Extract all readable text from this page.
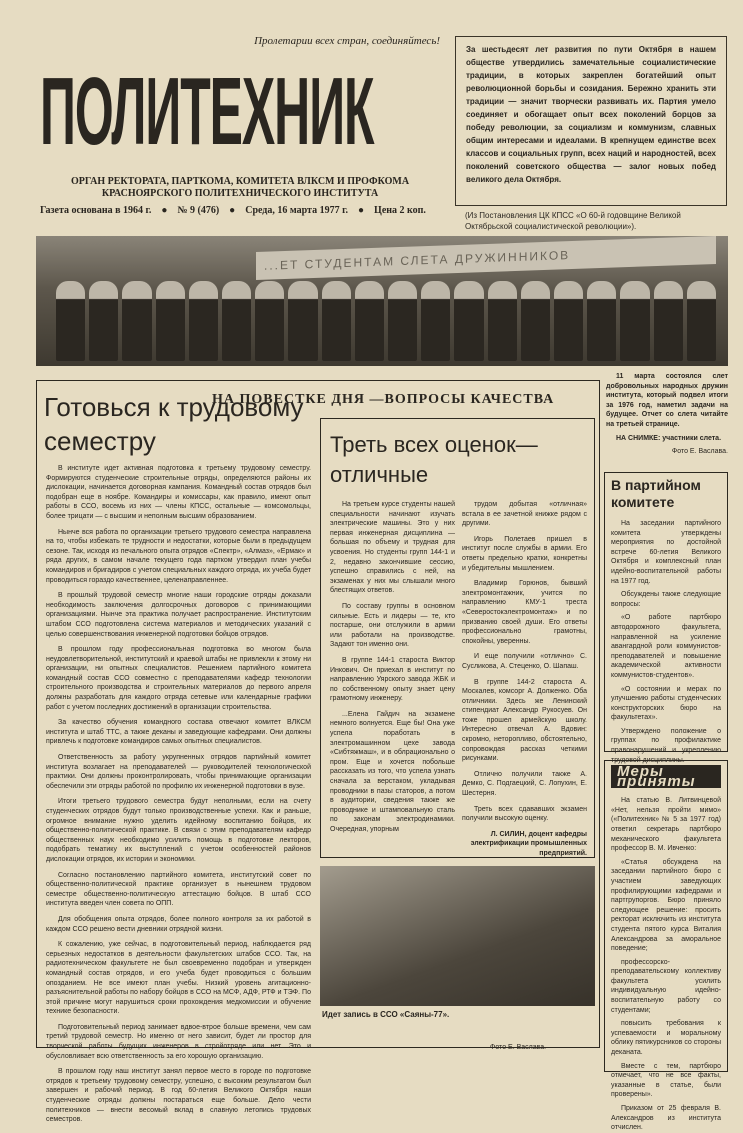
Пролетарии всех стран, соединяйтесь!
ПОЛИТЕХНИК
ОРГАН РЕКТОРАТА, ПАРТКОМА, КОМИТЕТА ВЛКСМ И ПРОФКОМА КРАСНОЯРСКОГО ПОЛИТЕХНИЧЕСКОГО ИНСТИТУТА
Газета основана в 1964 г. ● № 9 (476) ● Среда, 16 марта 1977 г. ● Цена 2 коп.
За шестьдесят лет развития по пути Октября в нашем обществе утвердились замечательные социалистические традиции, в которых закреплен богатейший опыт революционной борьбы и созидания. Бережно хранить эти традиции — значит творчески развивать их. Партия умело соединяет и обогащает опыт всех поколений борцов за победу революции, за социализм и коммунизм, славных общим интересами и идеалами. В крепнущем единстве всех классов и социальных групп, всех наций и народностей, всех поколений советского общества — залог новых побед великого дела Октября.
(Из Постановления ЦК КПСС «О 60-й годовщине Великой Октябрьской социалистической революции»).
...ЕТ СТУДЕНТАМ СЛЕТА ДРУЖИННИКОВ
Готовься к трудовому семестру
НА ПОВЕСТКЕ ДНЯ —ВОПРОСЫ КАЧЕСТВА

В институте идет активная подготовка к третьему трудовому семестру. Формируются студенческие строительные отряды, определяются районы их дислокации, начинается договорная кампания. Командный состав отрядов был подобран еще в ноябре. Командиры и комиссары, как правило, имеют опыт работы в ССО, восемь из них — члены КПСС, остальные — комсомольцы, более трицати — с высшим и неполным высшим образованием.

Нынче вся работа по организации третьего трудового семестра направлена на то, чтобы избежать те трудности и недостатки, которые были в предыдущем сезоне. Так, исходя из печального опыта отрядов «Спектр», «Алмаз», «Ермак» и ряда других, в самом начале текущего года партком утвердил план учебы командиров и бригадиров с учетом специальных каждого отряда, их учеба будет проводиться гораздо качественнее, целенаправленнее.

В прошлый трудовой семестр многие наши городские отряды доказали необходимость заключения долгосрочных договоров с принимающими организациями. Нынче эта практика получает распространение. Институтским штабом ССО подготовлена система материалов и методических указаний с целью совершенствования инженерной подготовки бойцов отрядов.

В прошлом году профессиональная подготовка во многом была неудовлетворительной, институтский и краевой штабы не привлекли к этому ни организации, ни опытных специалистов. Решением партийного комитета командный состав ССО совместно с преподавателями кафедр технологии строительного производства и строительных материалов до первого апреля должны разработать для каждого отряда сетевые или календарные графики работ с учетом последних достижений в организации строительства.

За качество обучения командного состава отвечают комитет ВЛКСМ института и штаб ТТС, а также деканы и заведующие кафедрами. Они должны привлечь к подготовке командиров самых опытных специалистов.

Ответственность за работу укрупненных отрядов партийный комитет института возлагает на преподавателей — руководителей технологической практики. Они должны проконтролировать, чтобы принимающие организации обеспечили эти отряды работой по профилю их инженерной подготовки в вузе.

Итоги третьего трудового семестра будут неполными, если на счету студенческих отрядов будут только производственные успехи. Как и раньше, огромное внимание нужно уделить идейному воспитанию бойцов, их общественно-политической практике. В связи с этим преподавателям кафедр общественных наук необходимо усилить помощь в подготовке лекторов, подобрать тематику их выступлений с учетом особенностей районов дислокации отрядов, их истории и экономики.

Согласно постановлению партийного комитета, институтский совет по общественно-политической практике организует в нынешнем трудовом семестре общественно-политическую аттестацию бойцов. В штаб ССО института введен член совета по ОПП.

Для обобщения опыта отрядов, более полного контроля за их работой в каждом ССО решено вести дневники отрядной жизни.

К сожалению, уже сейчас, в подготовительный период, наблюдается ряд серьезных недостатков в деятельности факультетских штабов ССО. Так, на радиотехническом факультете не был своевременно подобран и утвержден командный состав отрядов, и его учеба будет проводиться с большим опозданием. Не все имеют план учебы. Низкий уровень агитационно-разъяснительной работы по набору бойцов в ССО на МСФ, АДФ, РТФ и ТЭФ. По этой причине могут нарушиться сроки прохождения медкомиссии и обучение технике безопасности.

Подготовительный период занимает вдвое-втрое больше времени, чем сам третий трудовой семестр. Но именно от него зависит, будет ли простор для творческой работы будущих инженеров в стройотряде или нет. Это и обусловливает всю ответственность за его хорошую организацию.

В прошлом году наш институт занял первое место в городе по подготовке отрядов к третьему трудовому семестру, успешно, с высоким результатом был завершен и рабочий период. В год 60-летия Великого Октября наши студенческие отряды должны постараться еще больше. Дело чести политехников — внести весомый вклад в славную летопись трудовых семестров.

Треть всех оценок— отличные

На третьем курсе студенты нашей специальности начинают изучать электрические машины. Это у них первая инженерная дисциплина — большая по объему и трудная для усвоения. Но студенты групп 144-1 и 2, недавно закончившие сессию, успешно справились с ней, на экзаменах у них мы слышали много блестящих ответов.

По составу группы в основном сильные. Есть и лидеры — те, кто постарше, они отслужили в армии или работали на производстве. Задают тон именно они.

В группе 144-1 староста Виктор Инкович. Он приехал в институт по направлению Уярского завода ЖБК и по собственному опыту знает цену грамотному инженеру.

...Елена Гайдич на экзамене немного волнуется. Еще бы! Она уже успела поработать в электромашинном цехе завода «Сибтяжмаш», и в облрационально о пром. Еще и хочется побольше рассказать из того, что успела узнать сначала за верстаком, укладывая проводники в пазы статоров, а потом в аудитории, сведения также же проводнике и штамповальную сталь по законам электродинамики. Очередная, упорным

трудом добытая «отличная» встала в ее зачетной книжке рядом с другими.

Игорь Полетаев пришел в институт после службы в армии. Его ответы предельно кратки, конкретны и убедительны мышлением.

Владимир Горюнов, бывший электромонтажник, учится по направлению КМУ-1 треста «Северостокэлектромонтаж» и по призванию своей души. Его ответы профессионально грамотны, спокойны, уверенны.

И еще получили «отлично» С. Сусликова, А. Стеценко, О. Шапаш.

В группе 144-2 староста А. Москалев, комсорг А. Долженко. Оба отличники. Здесь же Ленинский стипендиат Александр Рукосуев. Он тоже прошел армейскую школу. Интересно отвечал А. Вдовин: скромно, неторопливо, обстоятельно, сопровождая рассказ четкими рисунками.

Отлично получили также А. Демко, С. Подгаецкий, С. Лопухин, Е. Шестерня.

Треть всех сдававших экзамен получили высокую оценку.

Л. СИЛИН, доцент кафедры электрификации промышленных предприятий.

Идет запись в ССО «Саяны-77».
Фото Е. Васлава.

11 марта состоялся слет добровольных народных дружин института, который подвел итоги за 1976 год, наметил задачи на будущее. Отчет со слета читайте на третьей странице.

НА СНИМКЕ: участники слета.

Фото Е. Васлава.
В партийном комитете

На заседании партийного комитета утверждены мероприятия по достойной встрече 60-летия Великого Октября и комплексный план идейно-воспитательной работы на 1977 год.

Обсуждены также следующие вопросы:

«О работе партбюро автодорожного факультета, направленной на усиление авангардной роли коммунистов-преподавателей и повышение академической активности коммунистов-студентов».

«О состоянии и мерах по улучшению работы студенческих конструкторских бюро на факультетах».

Утверждено положение о группах по профилактике правонарушений и укреплению трудовой дисциплины.

Меры приняты

На статью В. Литвинцевой «Нет, нельзя пройти мимо» («Политехник» № 5 за 1977 год) ответил секретарь партбюро механического факультета профессор В. М. Ивченко:

«Статья обсуждена на заседании партийного бюро с участием заведующих профилирующими кафедрами и партгрупоргов. Бюро приняло следующее решение: просить ректорат исключить из института студента пятого курса Виталия Александрова за аморальное поведение;

профессорско-преподавательскому коллективу факультета усилить индивидуальную идейно-воспитательную работу со студентами;

повысить требования к успеваемости и моральному облику пятикурсников со стороны деканата.

Вместе с тем, партбюро отмечает, что не все факты, указанные в статье, были проверены».

Приказом от 25 февраля В. Александров из института отчислен.
